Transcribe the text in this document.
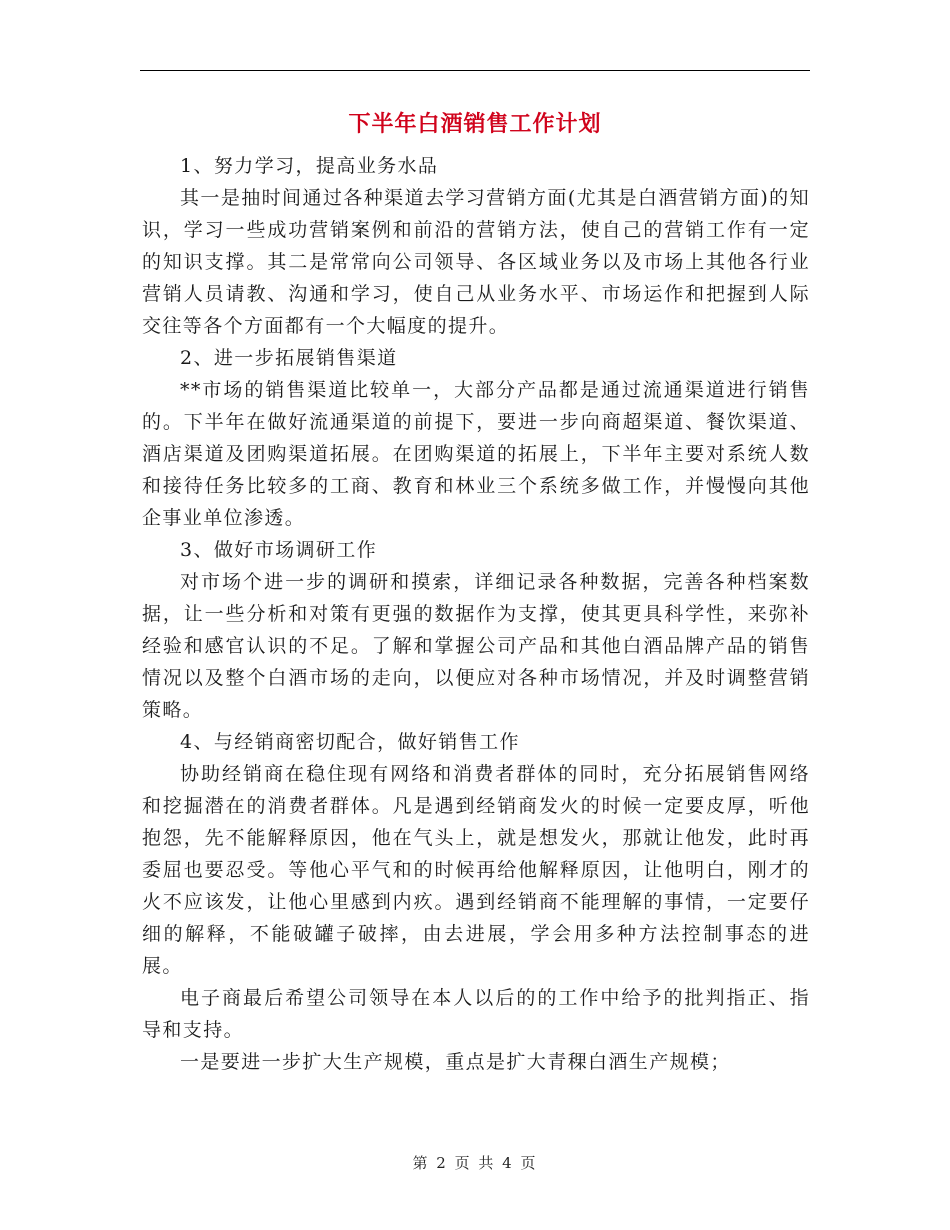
下半年白酒销售工作计划

1、努力学习，提高业务水品

其一是抽时间通过各种渠道去学习营销方面(尤其是白酒营销方面)的知识，学习一些成功营销案例和前沿的营销方法，使自己的营销工作有一定的知识支撑。其二是常常向公司领导、各区域业务以及市场上其他各行业营销人员请教、沟通和学习，使自己从业务水平、市场运作和把握到人际交往等各个方面都有一个大幅度的提升。

2、进一步拓展销售渠道

**市场的销售渠道比较单一，大部分产品都是通过流通渠道进行销售的。下半年在做好流通渠道的前提下，要进一步向商超渠道、餐饮渠道、酒店渠道及团购渠道拓展。在团购渠道的拓展上，下半年主要对系统人数和接待任务比较多的工商、教育和林业三个系统多做工作，并慢慢向其他企事业单位渗透。

3、做好市场调研工作

对市场个进一步的调研和摸索，详细记录各种数据，完善各种档案数据，让一些分析和对策有更强的数据作为支撑，使其更具科学性，来弥补经验和感官认识的不足。了解和掌握公司产品和其他白酒品牌产品的销售情况以及整个白酒市场的走向，以便应对各种市场情况，并及时调整营销策略。

4、与经销商密切配合，做好销售工作

协助经销商在稳住现有网络和消费者群体的同时，充分拓展销售网络和挖掘潜在的消费者群体。凡是遇到经销商发火的时候一定要皮厚，听他抱怨，先不能解释原因，他在气头上，就是想发火，那就让他发，此时再委屈也要忍受。等他心平气和的时候再给他解释原因，让他明白，刚才的火不应该发，让他心里感到内疚。遇到经销商不能理解的事情，一定要仔细的解释，不能破罐子破摔，由去进展，学会用多种方法控制事态的进展。

电子商最后希望公司领导在本人以后的的工作中给予的批判指正、指导和支持。

一是要进一步扩大生产规模，重点是扩大青稞白酒生产规模；

第 2 页 共 4 页
